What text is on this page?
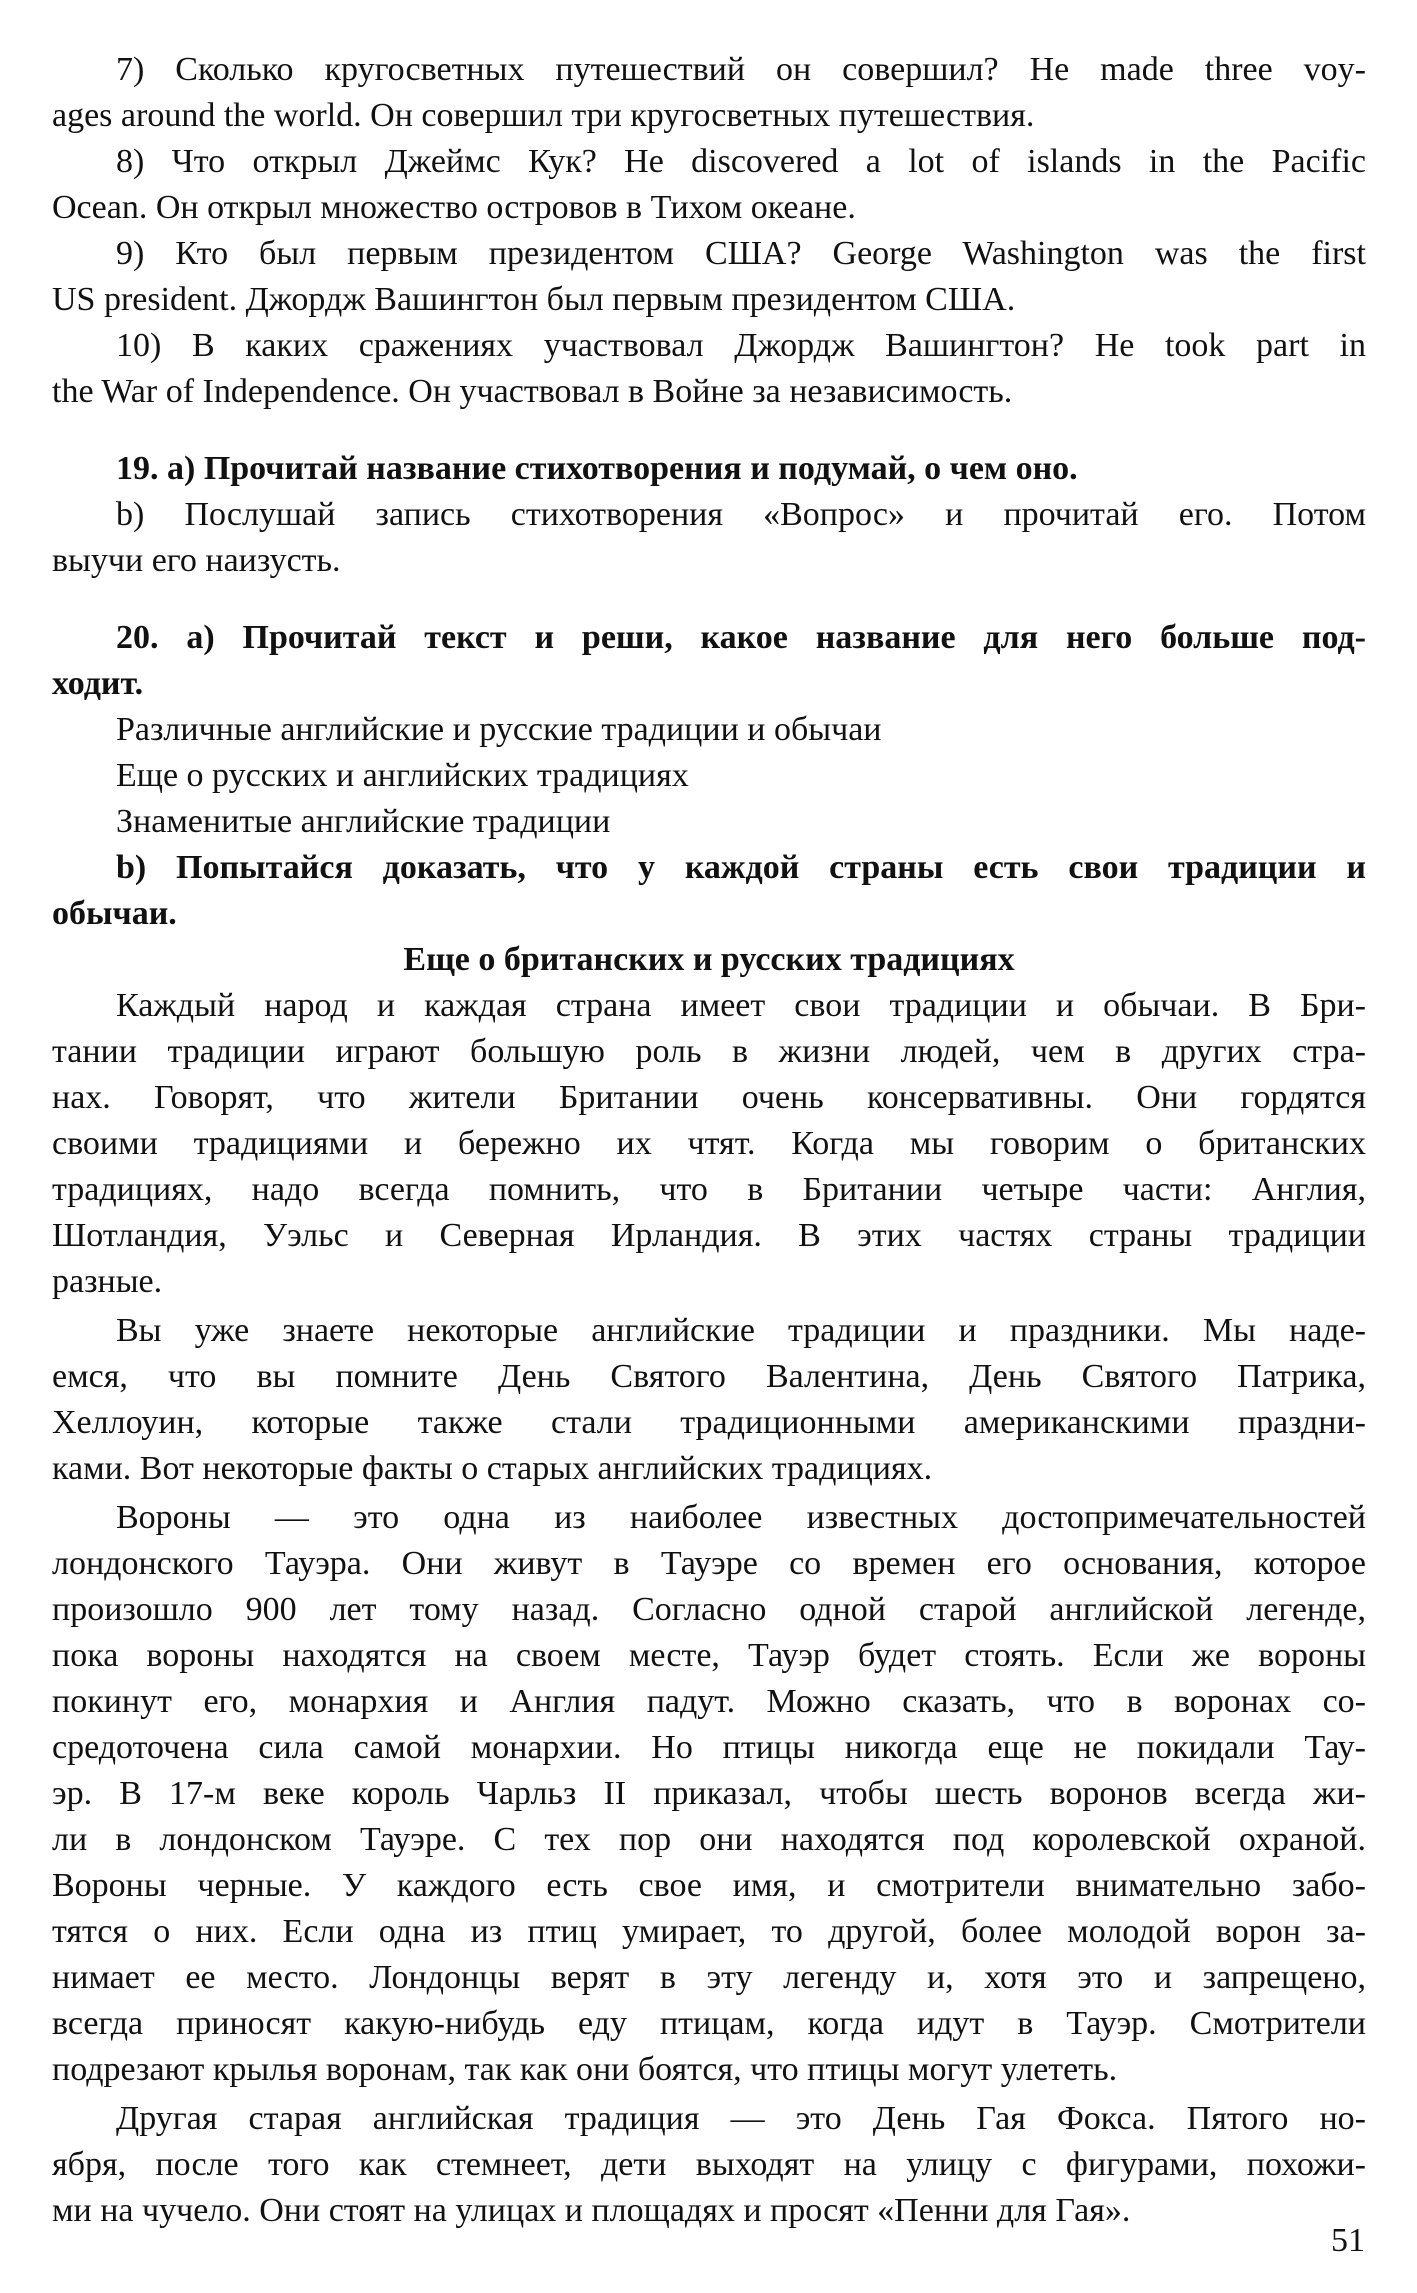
7) Сколько кругосветных путешествий он совершил? He made three voy-
ages around the world. Он совершил три кругосветных путешествия.
8) Что открыл Джеймс Кук? He discovered a lot of islands in the Pacific
Ocean. Он открыл множество островов в Тихом океане.
9) Кто был первым президентом США? George Washington was the first
US president. Джордж Вашингтон был первым президентом США.
10) В каких сражениях участвовал Джордж Вашингтон? He took part in
the War of Independence. Он участвовал в Войне за независимость.
19. а) Прочитай название стихотворения и подумай, о чем оно.
b) Послушай запись стихотворения «Вопрос» и прочитай его. Потом
выучи его наизусть.
20. а) Прочитай текст и реши, какое название для него больше под-
ходит.
Различные английские и русские традиции и обычаи
Еще о русских и английских традициях
Знаменитые английские традиции
b) Попытайся доказать, что у каждой страны есть свои традиции и
обычаи.
Еще о британских и русских традициях
Каждый народ и каждая страна имеет свои традиции и обычаи. В Бри-
тании традиции играют большую роль в жизни людей, чем в других стра-
нах. Говорят, что жители Британии очень консервативны. Они гордятся
своими традициями и бережно их чтят. Когда мы говорим о британских
традициях, надо всегда помнить, что в Британии четыре части: Англия,
Шотландия, Уэльс и Северная Ирландия. В этих частях страны традиции
разные.
Вы уже знаете некоторые английские традиции и праздники. Мы наде-
емся, что вы помните День Святого Валентина, День Святого Патрика,
Хеллоуин, которые также стали традиционными американскими праздни-
ками. Вот некоторые факты о старых английских традициях.
Вороны — это одна из наиболее известных достопримечательностей
лондонского Тауэра. Они живут в Тауэре со времен его основания, которое
произошло 900 лет тому назад. Согласно одной старой английской легенде,
пока вороны находятся на своем месте, Тауэр будет стоять. Если же вороны
покинут его, монархия и Англия падут. Можно сказать, что в воронах со-
средоточена сила самой монархии. Но птицы никогда еще не покидали Тау-
эр. В 17-м веке король Чарльз II приказал, чтобы шесть воронов всегда жи-
ли в лондонском Тауэре. С тех пор они находятся под королевской охраной.
Вороны черные. У каждого есть свое имя, и смотрители внимательно забо-
тятся о них. Если одна из птиц умирает, то другой, более молодой ворон за-
нимает ее место. Лондонцы верят в эту легенду и, хотя это и запрещено,
всегда приносят какую-нибудь еду птицам, когда идут в Тауэр. Смотрители
подрезают крылья воронам, так как они боятся, что птицы могут улететь.
Другая старая английская традиция — это День Гая Фокса. Пятого но-
ября, после того как стемнеет, дети выходят на улицу с фигурами, похожи-
ми на чучело. Они стоят на улицах и площадях и просят «Пенни для Гая».
51
